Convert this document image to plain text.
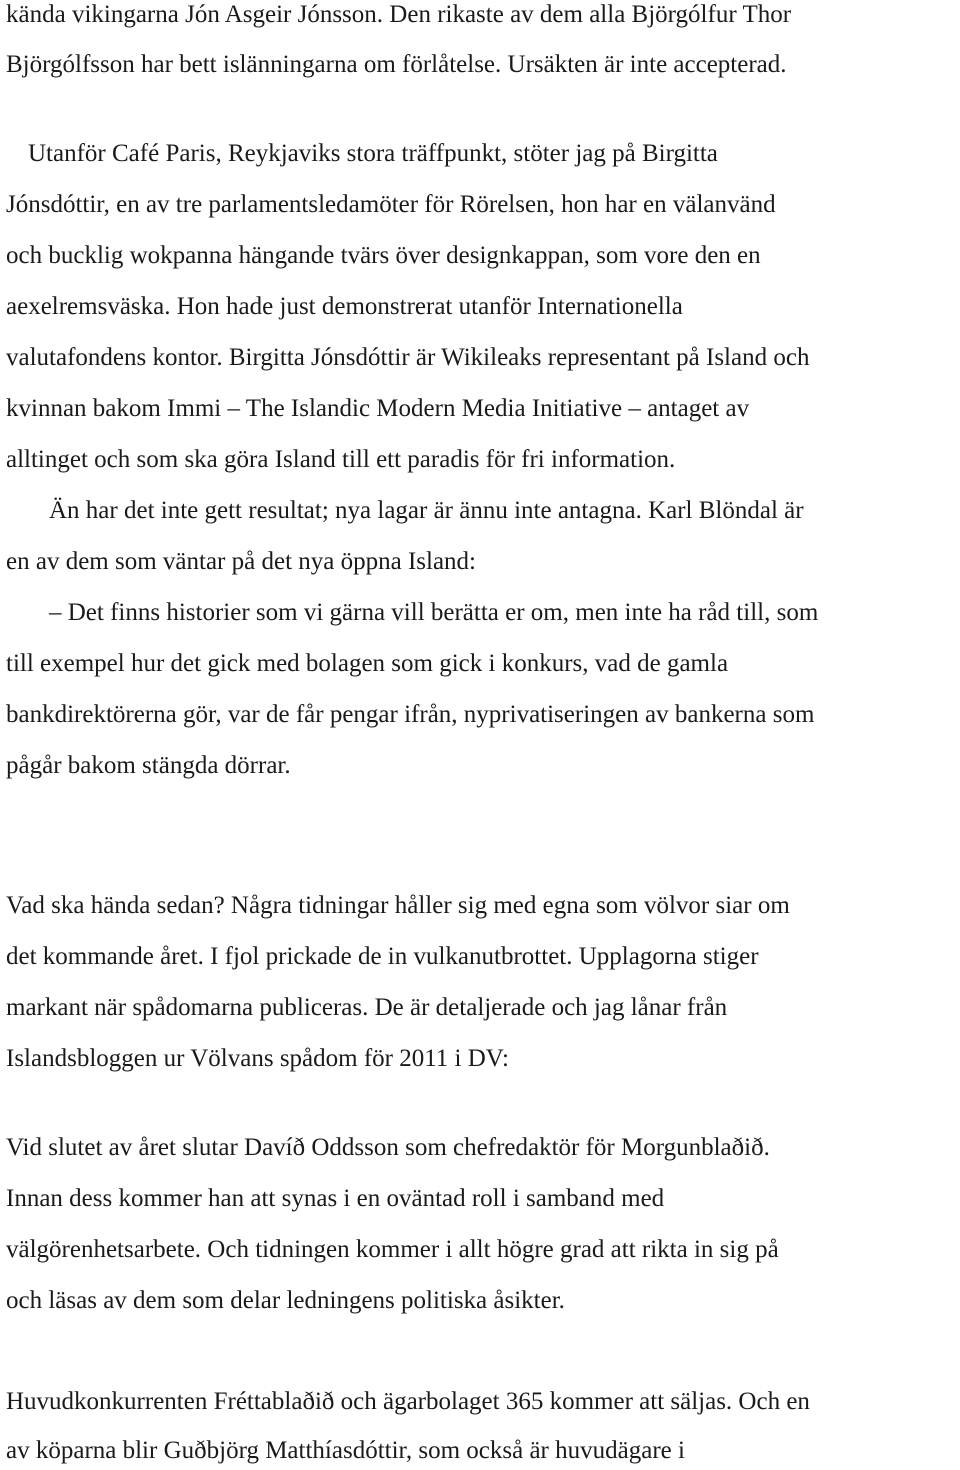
kända vikingarna Jón Asgeir Jónsson. Den rikaste av dem alla Björgólfur Thor
Björgólfsson har bett islänningarna om förlåtelse. Ursäkten är inte accepterad.
Utanför Café Paris, Reykjaviks stora träffpunkt, stöter jag på Birgitta
Jónsdóttir, en av tre parlamentsledamöter för Rörelsen, hon har en välanvänd
och bucklig wokpanna hängande tvärs över designkappan, som vore den en
aexelremsväska. Hon hade just demonstrerat utanför Internationella
valutafondens kontor. Birgitta Jónsdóttir är Wikileaks representant på Island och
kvinnan bakom Immi – The Islandic Modern Media Initiative – antaget av
alltinget och som ska göra Island till ett paradis för fri information.
Än har det inte gett resultat; nya lagar är ännu inte antagna. Karl Blöndal är
en av dem som väntar på det nya öppna Island:
– Det finns historier som vi gärna vill berätta er om, men inte ha råd till, som
till exempel hur det gick med bolagen som gick i konkurs, vad de gamla
bankdirektörerna gör, var de får pengar ifrån, nyprivatiseringen av bankerna som
pågår bakom stängda dörrar.
Vad ska hända sedan? Några tidningar håller sig med egna som völvor siar om
det kommande året. I fjol prickade de in vulkanutbrottet. Upplagorna stiger
markant när spådomarna publiceras. De är detaljerade och jag lånar från
Islandsbloggen ur Völvans spådom för 2011 i DV:
Vid slutet av året slutar Davíð Oddsson som chefredaktör för Morgunblaðið.
Innan dess kommer han att synas i en oväntad roll i samband med
välgörenhetsarbete. Och tidningen kommer i allt högre grad att rikta in sig på
och läsas av dem som delar ledningens politiska åsikter.
Huvudkonkurrenten Fréttablaðið och ägarbolaget 365 kommer att säljas. Och en
av köparna blir Guðbjörg Matthíasdóttir, som också är huvudägare i
